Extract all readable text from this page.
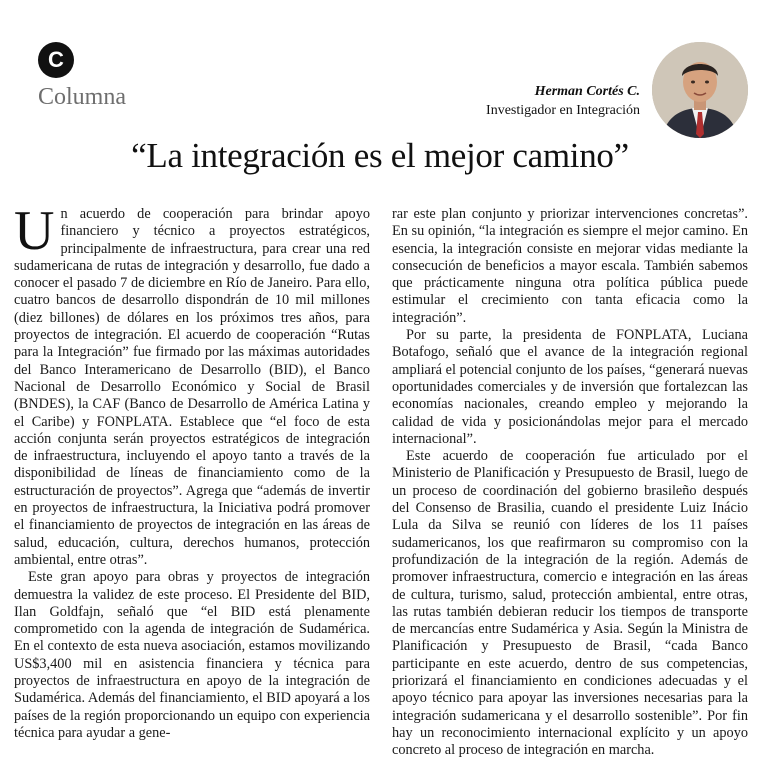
C
Columna	Herman Cortés C.
Investigador en Integración
“La integración es el mejor camino”

Un acuerdo de cooperación para brindar apoyo financiero y técnico a proyectos estratégicos, principalmente de infraestructura, para crear una red sudamericana de rutas de integración y desarrollo, fue dado a conocer el pasado 7 de diciembre en Río de Janeiro. Para ello, cuatro bancos de desarrollo dispondrán de 10 mil millones (diez billones) de dólares en los próximos tres años, para proyectos de integración. El acuerdo de cooperación “Rutas para la Integración” fue firmado por las máximas autoridades del Banco Interamericano de Desarrollo (BID), el Banco Nacional de Desarrollo Económico y Social de Brasil (BNDES), la CAF (Banco de Desarrollo de América Latina y el Caribe) y FONPLATA. Establece que “el foco de esta acción conjunta serán proyectos estratégicos de integración de infraestructura, incluyendo el apoyo tanto a través de la disponibilidad de líneas de financiamiento como de la estructuración de proyectos”. Agrega que “además de invertir en proyectos de infraestructura, la Iniciativa podrá promover el financiamiento de proyectos de integración en las áreas de salud, educación, cultura, derechos humanos, protección ambiental, entre otras”.

Este gran apoyo para obras y proyectos de integración demuestra la validez de este proceso. El Presidente del BID, Ilan Goldfajn, señaló que “el BID está plenamente comprometido con la agenda de integración de Sudamérica. En el contexto de esta nueva asociación, estamos movilizando US$3,400 mil en asistencia financiera y técnica para proyectos de infraestructura en apoyo de la integración de Sudamérica. Además del financiamiento, el BID apoyará a los países de la región proporcionando un equipo con experiencia técnica para ayudar a gene-

rar este plan conjunto y priorizar intervenciones concretas”. En su opinión, “la integración es siempre el mejor camino. En esencia, la integración consiste en mejorar vidas mediante la consecución de beneficios a mayor escala. También sabemos que prácticamente ninguna otra política pública puede estimular el crecimiento con tanta eficacia como la integración”.

Por su parte, la presidenta de FONPLATA, Luciana Botafogo, señaló que el avance de la integración regional ampliará el potencial conjunto de los países, “generará nuevas oportunidades comerciales y de inversión que fortalezcan las economías nacionales, creando empleo y mejorando la calidad de vida y posicionándolas mejor para el mercado internacional”.

Este acuerdo de cooperación fue articulado por el Ministerio de Planificación y Presupuesto de Brasil, luego de un proceso de coordinación del gobierno brasileño después del Consenso de Brasilia, cuando el presidente Luiz Inácio Lula da Silva se reunió con líderes de los 11 países sudamericanos, los que reafirmaron su compromiso con la profundización de la integración de la región. Además de promover infraestructura, comercio e integración en las áreas de cultura, turismo, salud, protección ambiental, entre otras, las rutas también debieran reducir los tiempos de transporte de mercancías entre Sudamérica y Asia. Según la Ministra de Planificación y Presupuesto de Brasil, “cada Banco participante en este acuerdo, dentro de sus competencias, priorizará el financiamiento en condiciones adecuadas y el apoyo técnico para apoyar las inversiones necesarias para la integración sudamericana y el desarrollo sostenible”. Por fin hay un reconocimiento internacional explícito y un apoyo concreto al proceso de integración en marcha.
